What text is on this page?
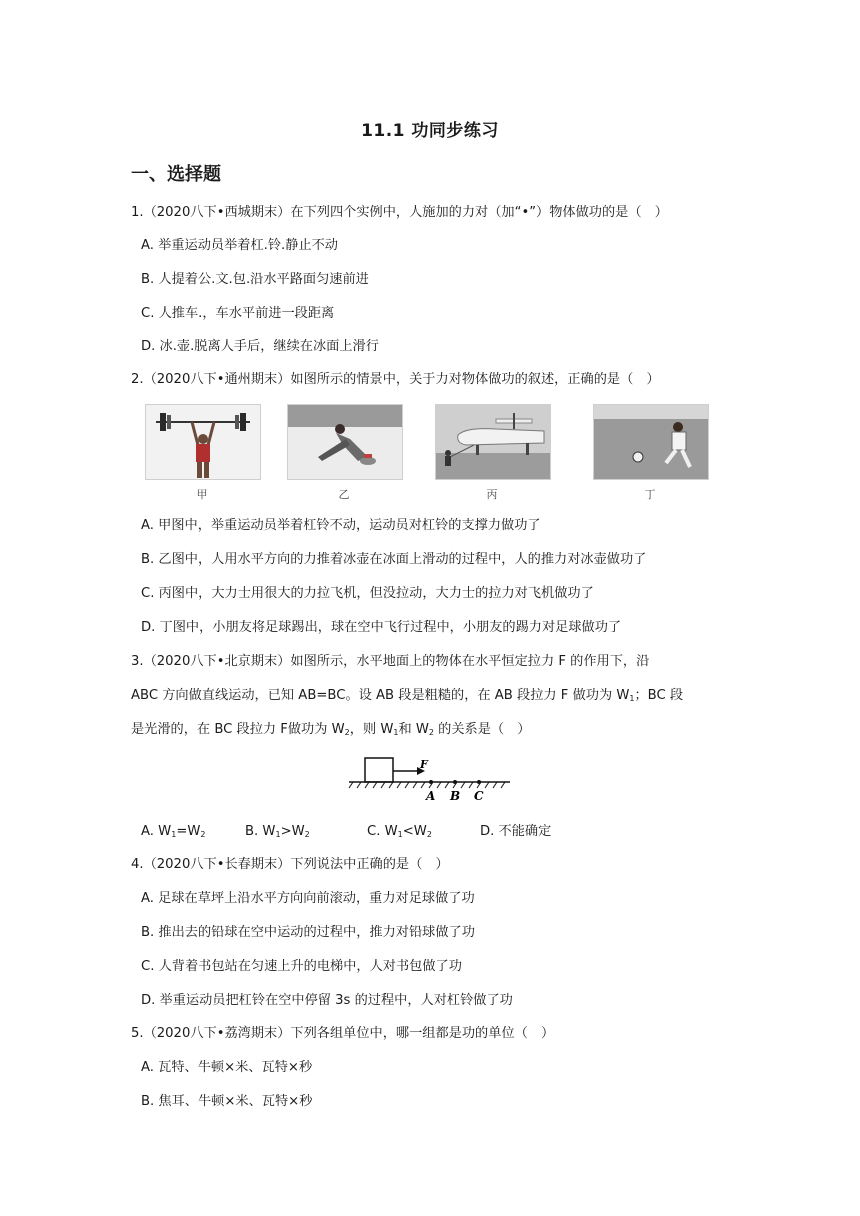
11.1 功同步练习
一、选择题
1.（2020八下•西城期末）在下列四个实例中，人施加的力对（加“•”）物体做功的是（　）
A. 举重运动员举着杠.铃.静止不动
B. 人提着公.文.包.沿水平路面匀速前进
C. 人推车.，车水平前进一段距离
D. 冰.壶.脱离人手后，继续在冰面上滑行
2.（2020八下•通州期末）如图所示的情景中，关于力对物体做功的叙述，正确的是（　）
甲	乙	丙	丁
A. 甲图中，举重运动员举着杠铃不动，运动员对杠铃的支撑力做功了
B. 乙图中，人用水平方向的力推着冰壶在冰面上滑动的过程中，人的推力对冰壶做功了
C. 丙图中，大力士用很大的力拉飞机，但没拉动，大力士的拉力对飞机做功了
D. 丁图中，小朋友将足球踢出，球在空中飞行过程中，小朋友的踢力对足球做功了
3.（2020八下•北京期末）如图所示，水平地面上的物体在水平恒定拉力 F 的作用下，沿
ABC 方向做直线运动，已知 AB=BC。设 AB 段是粗糙的，在 AB 段拉力 F 做功为 $W_1$；BC 段
是光滑的，在 BC 段拉力 F做功为 $W_2$，则 $W_1$和 $W_2$ 的关系是（　）
F
A B C
A. $W_1=W_2$	B. $W_1>W_2$	C. $W_1<W_2$	D. 不能确定
4.（2020八下•长春期末）下列说法中正确的是（　）
A. 足球在草坪上沿水平方向向前滚动，重力对足球做了功
B. 推出去的铅球在空中运动的过程中，推力对铅球做了功
C. 人背着书包站在匀速上升的电梯中，人对书包做了功
D. 举重运动员把杠铃在空中停留 3s 的过程中，人对杠铃做了功
5.（2020八下•荔湾期末）下列各组单位中，哪一组都是功的单位（　）
A. 瓦特、牛顿×米、瓦特×秒
B. 焦耳、牛顿×米、瓦特×秒
